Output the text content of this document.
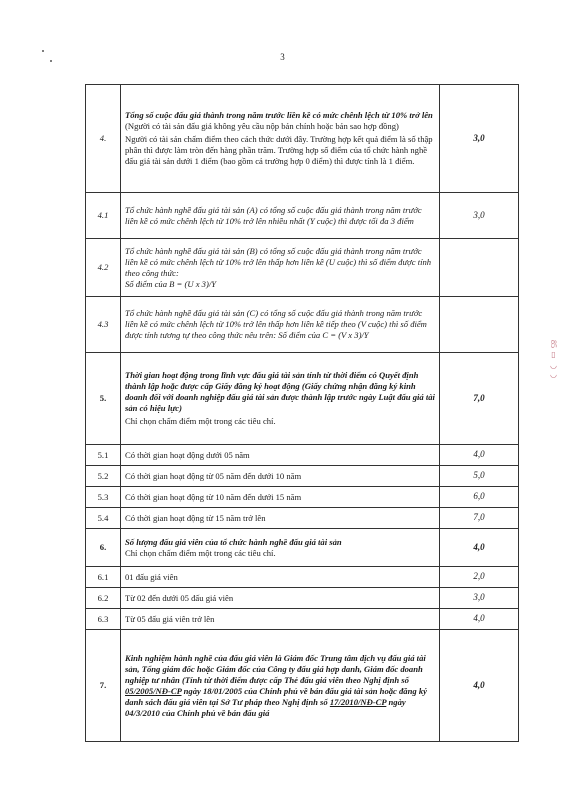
3
85 ▯ ◡◡
4.	Tổng số cuộc đấu giá thành trong năm trước liền kề có mức chênh lệch từ 10% trở lên (Người có tài sản đấu giá không yêu cầu nộp bản chính hoặc bản sao hợp đồng)

Người có tài sản chấm điểm theo cách thức dưới đây. Trường hợp kết quả điểm là số thập phân thì được làm tròn đến hàng phần trăm. Trường hợp số điểm của tổ chức hành nghề đấu giá tài sản dưới 1 điểm (bao gồm cả trường hợp 0 điểm) thì được tính là 1 điểm.	3,0
4.1	Tổ chức hành nghề đấu giá tài sản (A) có tổng số cuộc đấu giá thành trong năm trước liền kề có mức chênh lệch từ 10% trở lên nhiều nhất (Y cuộc) thì được tối đa 3 điểm	3,0
4.2	Tổ chức hành nghề đấu giá tài sản (B) có tổng số cuộc đấu giá thành trong năm trước liền kề có mức chênh lệch từ 10% trở lên thấp hơn liền kề (U cuộc) thì số điểm được tính theo công thức:

Số điểm của B = (U x 3)/Y	

4.3	Tổ chức hành nghề đấu giá tài sản (C) có tổng số cuộc đấu giá thành trong năm trước liền kề có mức chênh lệch từ 10% trở lên thấp hơn liền kề tiếp theo (V cuộc) thì số điểm được tính tương tự theo công thức nêu trên: Số điểm của C = (V x 3)/Y	
5.	Thời gian hoạt động trong lĩnh vực đấu giá tài sản tính từ thời điểm có Quyết định thành lập hoặc được cấp Giấy đăng ký hoạt động (Giấy chứng nhận đăng ký kinh doanh đối với doanh nghiệp đấu giá tài sản được thành lập trước ngày Luật đấu giá tài sản có hiệu lực)

Chỉ chọn chấm điểm một trong các tiêu chí.	7,0
5.1	Có thời gian hoạt động dưới 05 năm	4,0
5.2	Có thời gian hoạt động từ 05 năm đến dưới 10 năm	5,0
5.3	Có thời gian hoạt động từ 10 năm đến dưới 15 năm	6,0
5.4	Có thời gian hoạt động từ 15 năm trở lên	7,0
6.	Số lượng đấu giá viên của tổ chức hành nghề đấu giá tài sản

Chỉ chọn chấm điểm một trong các tiêu chí.	4,0
6.1	01 đấu giá viên	2,0
6.2	Từ 02 đến dưới 05 đấu giá viên	3,0
6.3	Từ 05 đấu giá viên trở lên	4,0
7.	Kinh nghiệm hành nghề của đấu giá viên là Giám đốc Trung tâm dịch vụ đấu giá tài sản, Tổng giám đốc hoặc Giám đốc của Công ty đấu giá hợp danh, Giám đốc doanh nghiệp tư nhân (Tính từ thời điểm được cấp Thẻ đấu giá viên theo Nghị định số 05/2005/NĐ-CP ngày 18/01/2005 của Chính phủ về bán đấu giá tài sản hoặc đăng ký danh sách đấu giá viên tại Sở Tư pháp theo Nghị định số 17/2010/NĐ-CP ngày 04/3/2010 của Chính phủ về bán đấu giá	4,0
